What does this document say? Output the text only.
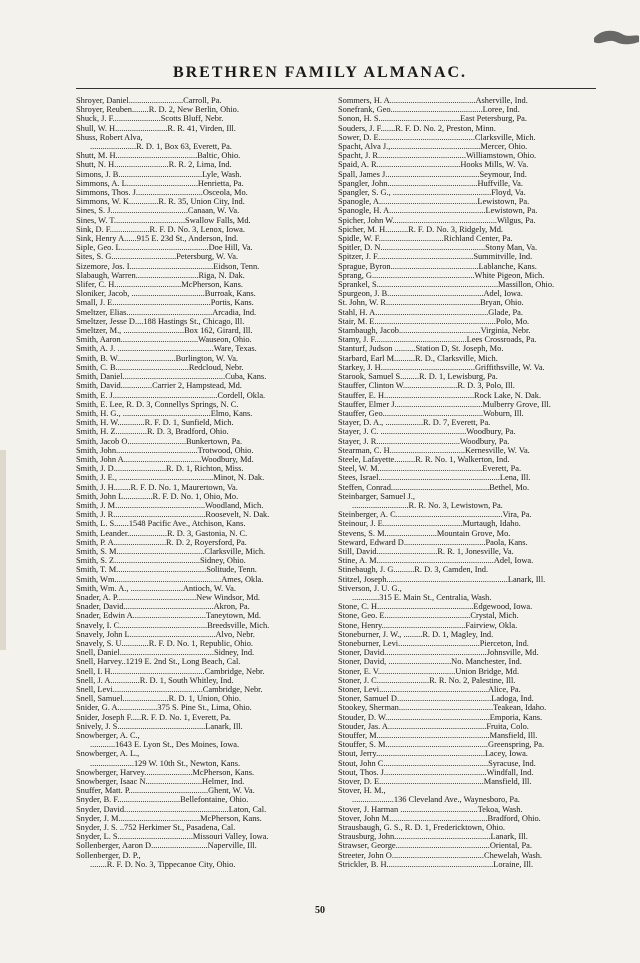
BRETHREN FAMILY ALMANAC.
Shroyer, Daniel..........................Carroll, Pa.
Shroyer, Reuben........R. D. 2, New Berlin, Ohio.
Shuck, J. F.......................Scotts Bluff, Nebr.
Shull, W. H.........................R. R. 41, Virden, Ill.
Shuss, Robert Alva,
......................R. D. 1, Box 63, Everett, Pa.
Shutt, M. H.......................................Baltic, Ohio.
Shutt, N. H..........................R. R. 2, Lima, Ind.
Simons, J. B........................................Lyle, Wash.
Simmons, A. L..................................Henrietta, Pa.
Simmons, Thos. J................................Osceola, Mo.
Simmons, W. K..............R. R. 35, Union City, Ind.
Sines, S. J.....................................Canaan, W. Va.
Sines, W. T..................................Swallow Falls, Md.
Sink, D. F...................R. F. D. No. 3, Lenox, Iowa.
Sink, Henry A......915 E. 23d St., Anderson, Ind.
Siple, Geo. L..........................................Doe Hill, Va.
Sites, S. G...............................Petersburg, W. Va.
Sizemore, Jos. I........................................Eidson, Tenn.
Slabaugh, Warren..............................Riga, N. Dak.
Slifer, C. H................................McPherson, Kans.
Sloniker, Jacob, ...................................Burroak, Kans.
Small, J. E...............................................Portis, Kans.
Smeltzer, Elias.........................................Arcadia, Ind.
Smeltzer, Jesse D....188 Hastings St., Chicago, Ill.
Smeltzer, M., .............................Box 162, Girard, Ill.
Smith, Aaron.....................................Wauseon, Ohio.
Smith, A. J. ..............................................Ware, Texas.
Smith, B. W............................Burlington, W. Va.
Smith, C. B...................................Redcloud, Nebr.
Smith, Daniel.................................................Cuba, Kans.
Smith, David...............Carrier 2, Hampstead, Md.
Smith, E. J..................................................Cordell, Okla.
Smith, E. Lee, R. D. 3, Connellys Springs, N. C.
Smith, H. G., ..........................................Elmo, Kans.
Smith, H. W.............R. F. D. 1, Sunfield, Mich.
Smith, H. Z...............R. D. 3, Bradford, Ohio.
Smith, Jacob O............................Bunkertown, Pa.
Smith, John.......................................Trotwood, Ohio.
Smith, John A.....................................Woodbury, Md.
Smith, J. D.........................R. D. 1, Richton, Miss.
Smith, J. E., .............................................Minot, N. Dak.
Smith, J. H........R. F. D. No. 1, Maurertown, Va.
Smith, John L..............R. F. D. No. 1, Ohio, Mo.
Smith, J. M...........................................Woodland, Mich.
Smith, J. R............................................Roosevelt, N. Dak.
Smith, L. S.......1548 Pacific Ave., Atchison, Kans.
Smith, Leander...................R. D. 3, Gastonia, N. C.
Smith, P. A.........................R. D. 2, Royersford, Pa.
Smith, S. M..........................................Clarksville, Mich.
Smith, S. Z.........................................Sidney, Ohio.
Smith, T. M...........................................Solitude, Tenn.
Smith, Wm...................................................Ames, Okla.
Smith, Wm. A., .........................Antioch, W. Va.
Snader, A. P......................................New Windsor, Md.
Snader, David...........................................Akron, Pa.
Snader, Edwin A...................................Taneytown, Md.
Snavely, I. C..........................................Breedsville, Mich.
Snavely, John L.........................................Alvo, Nebr.
Snavely, S. U.............R. F. D. No. 1, Republic, Ohio.
Snell, Daniel.............................................Sidney, Ind.
Snell, Harvey..1219 E. 2nd St., Long Beach, Cal.
Snell, I. H.............................................Cambridge, Nebr.
Snell, J. A..............R. D. 1, South Whitley, Ind.
Snell, Levi...........................................Cambridge, Nebr.
Snell, Samuel......................R. D. 1, Union, Ohio.
Snider, G. A...................375 S. Pine St., Lima, Ohio.
Snider, Joseph F.....R. F. D. No. 1, Everett, Pa.
Snively, J. S..........................................Lanark, Ill.
Snowberger, A. C.,
............1643 E. Lyon St., Des Moines, Iowa.
Snowberger, A. L.,
.....................129 W. 10th St., Newton, Kans.
Snowberger, Harvey.......................McPherson, Kans.
Snowberger, Isaac N...........................Helmer, Ind.
Snuffer, Matt. P......................................Ghent, W. Va.
Snyder, B. F..............................Bellefontaine, Ohio.
Snyder, David..................................................Laton, Cal.
Snyder, J. M.......................................McPherson, Kans.
Snyder, J. S. ..752 Herkimer St., Pasadena, Cal.
Snyder, L. S....................................Missouri Valley, Iowa.
Sollenberger, Aaron D...........................Naperville, Ill.
Sollenberger, D. P.,
........R. F. D. No. 3, Tippecanoe City, Ohio.
Sommers, H. A.........................................Asherville, Ind.
Sonefrank, Geo............................................Loree, Ind.
Sonon, H. S.......................................East Petersburg, Pa.
Souders, J. F.......R. F. D. No. 2, Preston, Minn.
Sower, D. E..............................................Clarksville, Mich.
Spacht, Alva J.,...........................................Mercer, Ohio.
Spacht, J. R..........................................Williamstown, Ohio.
Spaid, A. R........................................Hooks Mills, W. Va.
Spall, James J.............................................Seymour, Ind.
Spangler, John...........................................Huffville, Va.
Spangler, S. G., ...............................................Floyd, Va.
Spanogle, A...............................................Lewistown, Pa.
Spanogle, H. A..............................................Lewistown, Pa.
Spicher, John W..................................................Wilgus, Pa.
Spicher, M. H...........R. F. D. No. 3, Ridgely, Md.
Spidle, W. F...............................Richland Center, Pa.
Spitler, D. N..................................................Stony Man, Va.
Spitzer, J. F..............................................Summitville, Ind.
Sprague, Byron..........................................Lablanche, Kans.
Sprang, G.................................................White Pigeon, Mich.
Sprankel, S..........................................................Massillon, Ohio.
Spurgeon, J. B..............................................Adel, Iowa.
St. John, W. R.............................................Bryan, Ohio.
Stahl, H. A......................................................Glade, Pa.
Stair, M. E..........................................................Polo, Mo.
Stambaugh, Jacob.......................................Virginia, Nebr.
Stamy, J. F............................................Lees Crossroads, Pa.
Stanturf, Judson ..........Station D, St. Joseph, Mo.
Starbard, Earl M..........R. D., Clarksville, Mich.
Starkey, J. H.............................................Griffithsville, W. Va.
Starook, Samuel S.........R. D. 1, Lewisburg, Pa.
Stauffer, Clinton W..........................R. D. 3, Polo, Ill.
Stauffer, E. H...........................................Rock Lake, N. Dak.
Stauffer, Elmer J..........................................Mulberry Grove, Ill.
Stauffer, Geo................................................Woburn, Ill.
Stayer, D. A., ..................R. D. 7, Everett, Pa.
Stayer, J. C. .........................................Woodbury, Pa.
Stayer, J. R........................................Woodbury, Pa.
Stearman, C. H....................................Kernesville, W. Va.
Steele, Lafayette..........R. R. No. 1, Walkerton, Ind.
Steel, W. M..................................................Everett, Pa.
Stees, Israel..........................................................Lena, Ill.
Steffen, Conrad...............................................Bethel, Mo.
Steinbarger, Samuel J.,
...........................R. R. No. 3, Lewistown, Pa.
Steinberger, A. C...................................................Vira, Pa.
Steinour, J. E......................................Murtaugh, Idaho.
Stevens, S. M.........................Mountain Grove, Mo.
Steward, Edward D.......................................Paola, Kans.
Still, David.............................R. R. 1, Jonesville, Va.
Stine, A. M........................................................Adel, Iowa.
Stinebaugh, J. G..........R. D. 3, Camden, Ind.
Stitzel, Joseph..........................................................Lanark, Ill.
Stiverson, J. U. G.,
.............315 E. Main St., Centralia, Wash.
Stone, C. H..............................................Edgewood, Iowa.
Stone, Geo. E.........................................Crystal, Mich.
Stone, Henry........................................Fairview, Okla.
Stoneburner, J. W., .........R. D. 1, Magley, Ind.
Stoneburner, Levi.......................................Pierceton, Ind.
Stoner, David.................................................Johnsville, Md.
Stoner, David, ..............................No. Manchester, Ind.
Stoner, E. V.....................................Union Bridge, Md.
Stoner, J. C.........................R. R. No. 2, Palestine, Ill.
Stoner, Levi....................................................Alice, Pa.
Stoner, Samuel D.............................................Ladoga, Ind.
Stookey, Sherman.............................................Teakean, Idaho.
Stouder, D. W..................................................Emporia, Kans.
Stouder, Jas. A...............................................Fruita, Colo.
Stouffer, M......................................................Mansfield, Ill.
Stouffer, S. M.................................................Greenspring, Pa.
Stout, Jerry....................................................Lacey, Iowa.
Stout, John C..................................................Syracuse, Ind.
Stout, Thos. J.................................................Windfall, Ind.
Stover, D. E..................................................Mansfield, Ill.
Stover, H. M.,
....................136 Cleveland Ave., Waynesboro, Pa.
Stover, J. Harman .....................................Tekoa, Wash.
Stover, John M...............................................Bradford, Ohio.
Strausbaugh, G. S., R. D. 1, Fredericktown, Ohio.
Strausburg, John..............................................Lanark, Ill.
Strawser, George.............................................Oriental, Pa.
Streeter, John O............................................Chewelah, Wash.
Strickler, B. H...................................................Loraine, Ill.
50
